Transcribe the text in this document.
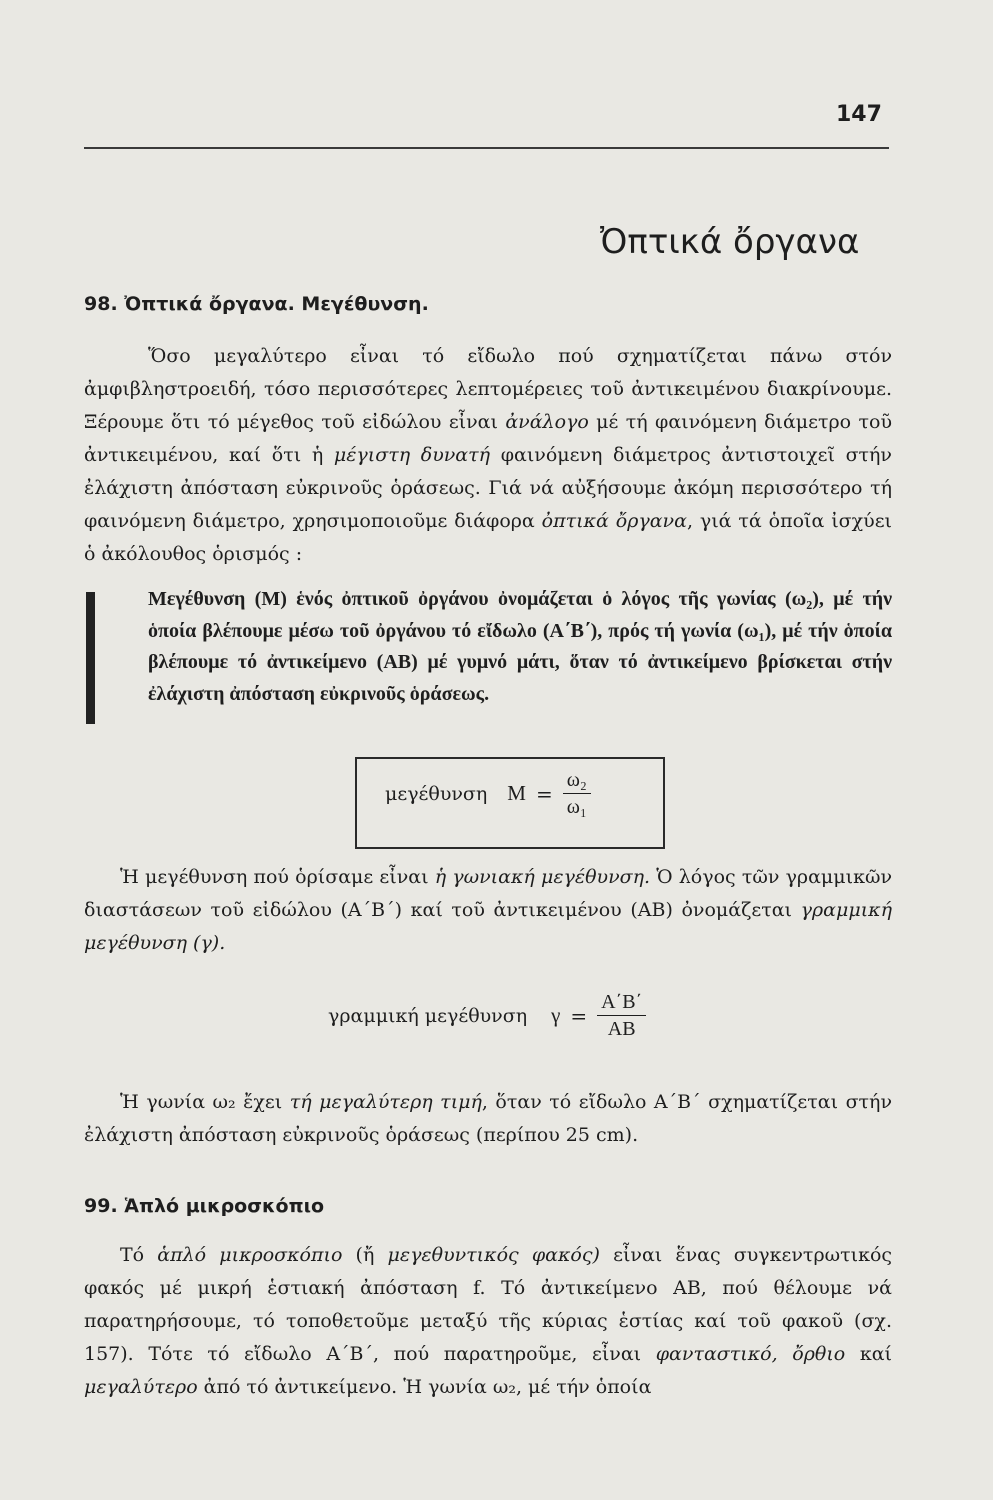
147
Ὀπτικά ὄργανα
98. Ὀπτικά ὄργανα. Μεγέθυνση.

Ὅσο μεγαλύτερο εἶναι τό εἴδωλο πού σχηματίζεται πάνω στόν ἀμφιβληστροειδή, τόσο περισσότερες λεπτομέρειες τοῦ ἀντικειμένου διακρίνουμε. Ξέρουμε ὅτι τό μέγεθος τοῦ εἰδώλου εἶναι ἀνάλογο μέ τή φαινόμενη διάμετρο τοῦ ἀντικειμένου, καί ὅτι ἡ μέγιστη δυνατή φαινόμενη διάμετρος ἀντιστοιχεῖ στήν ἐλάχιστη ἀπόσταση εὐκρινοῦς ὁράσεως. Γιά νά αὐξήσουμε ἀκόμη περισσότερο τή φαινόμενη διάμετρο, χρησιμοποιοῦμε διάφορα ὀπτικά ὄργανα, γιά τά ὁποῖα ἰσχύει ὁ ἀκόλουθος ὁρισμός :

Μεγέθυνση (Μ) ἑνός ὀπτικοῦ ὀργάνου ὀνομάζεται ὁ λόγος τῆς γωνίας (ω₂), μέ τήν ὁποία βλέπουμε μέσω τοῦ ὀργάνου τό εἴδωλο (Α΄Β΄), πρός τή γωνία (ω₁), μέ τήν ὁποία βλέπουμε τό ἀντικείμενο (ΑΒ) μέ γυμνό μάτι, ὅταν τό ἀντικείμενο βρίσκεται στήν ἐλάχιστη ἀπόσταση εὐκρινοῦς ὁράσεως.

μεγέθυνση $M = \frac{\text{ω₂}}{\text{ω₁}}$

Ἡ μεγέθυνση πού ὁρίσαμε εἶναι ἡ γωνιακή μεγέθυνση. Ὁ λόγος τῶν γραμμικῶν διαστάσεων τοῦ εἰδώλου (Α΄Β΄) καί τοῦ ἀντικειμένου (ΑΒ) ὀνομάζεται γραμμική μεγέθυνση (γ).

γραμμική μεγέθυνση $\gamma = \frac{A΄B΄}{AB}$

Ἡ γωνία ω₂ ἔχει τή μεγαλύτερη τιμή, ὅταν τό εἴδωλο Α΄Β΄ σχηματίζεται στήν ἐλάχιστη ἀπόσταση εὐκρινοῦς ὁράσεως (περίπου 25 cm).

99. Ἁπλό μικροσκόπιο

Τό ἁπλό μικροσκόπιο (ἤ μεγεθυντικός φακός) εἶναι ἕνας συγκεντρωτικός φακός μέ μικρή ἑστιακή ἀπόσταση f. Τό ἀντικείμενο ΑΒ, πού θέλουμε νά παρατηρήσουμε, τό τοποθετοῦμε μεταξύ τῆς κύριας ἑστίας καί τοῦ φακοῦ (σχ. 157). Τότε τό εἴδωλο Α΄Β΄, πού παρατηροῦμε, εἶναι φανταστικό, ὄρθιο καί μεγαλύτερο ἀπό τό ἀντικείμενο. Ἡ γωνία ω₂, μέ τήν ὁποία
